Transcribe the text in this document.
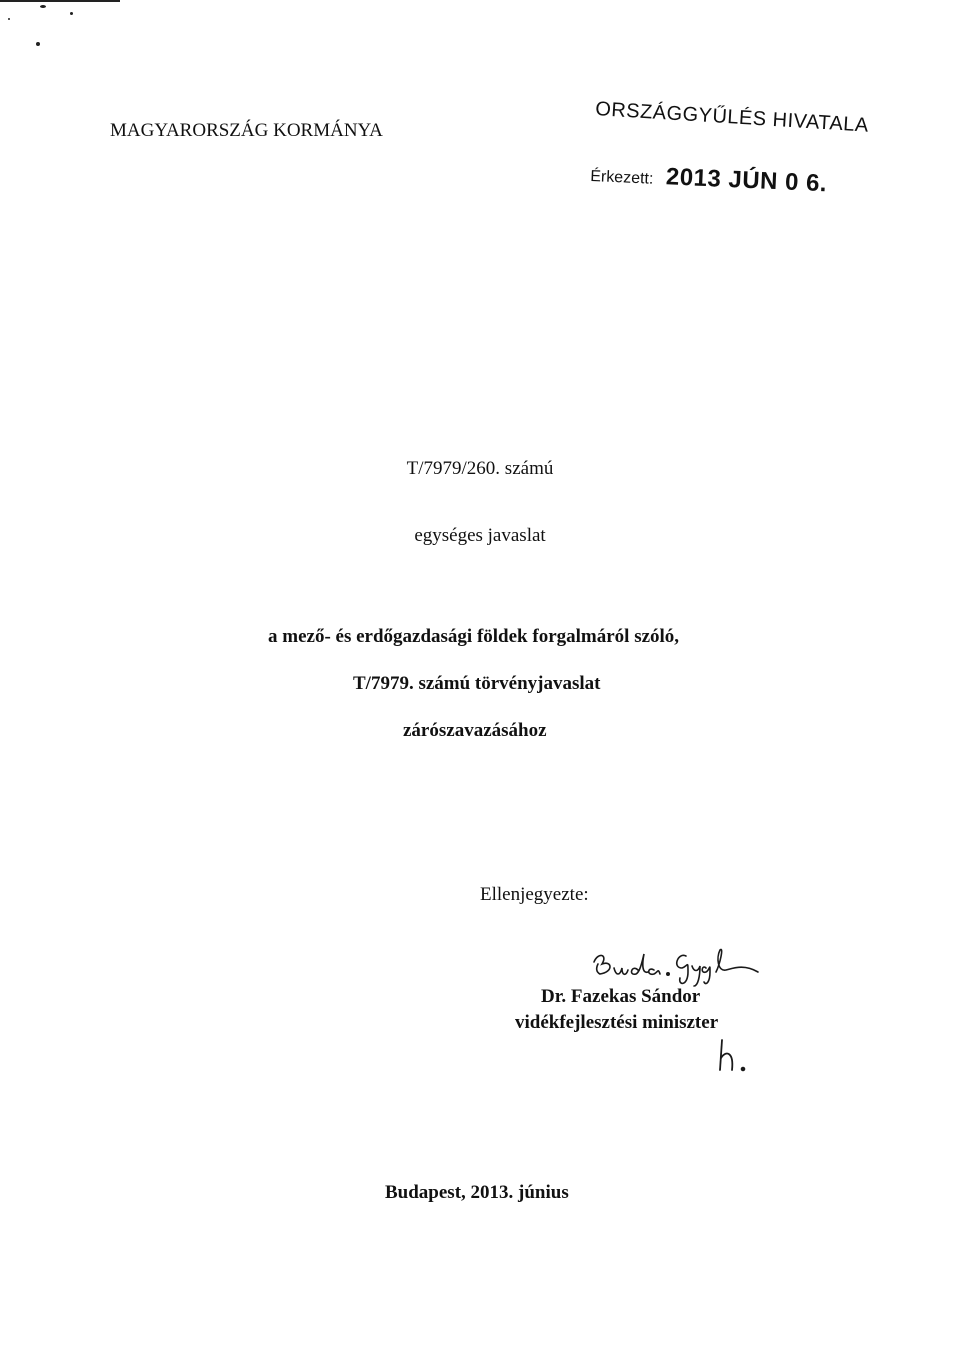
MAGYARORSZÁG KORMÁNYA	ORSZÁGGYŰLÉS HIVATALA
Érkezett: 2013 JÚN 0 6.
T/7979/260. számú
egységes javaslat
a mező- és erdőgazdasági földek forgalmáról szóló,
T/7979. számú törvényjavaslat
zárószavazásához
Ellenjegyezte:
Dr. Fazekas Sándor
vidékfejlesztési miniszter
Budapest, 2013. június
